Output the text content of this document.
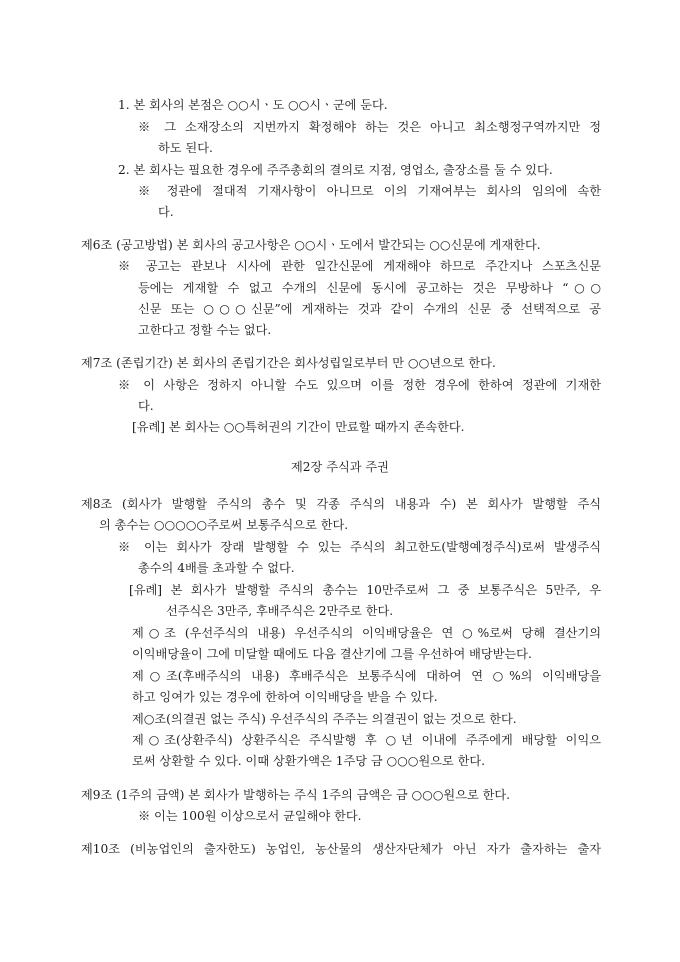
1. 본 회사의 본점은 ○○시ㆍ도 ○○시ㆍ군에 둔다.
※ 그 소재장소의 지번까지 확정해야 하는 것은 아니고 최소행정구역까지만 정
하도 된다.
2. 본 회사는 필요한 경우에 주주총회의 결의로 지점, 영업소, 출장소를 둘 수 있다.
※ 정관에 절대적 기재사항이 아니므로 이의 기재여부는 회사의 임의에 속한
다.
제6조 (공고방법) 본 회사의 공고사항은 ○○시ㆍ도에서 발간되는 ○○신문에 게재한다.
※ 공고는 관보나 시사에 관한 일간신문에 게재해야 하므로 주간지나 스포츠신문
등에는 게재할 수 없고 수개의 신문에 동시에 공고하는 것은 무방하나 “○○
신문 또는 ○○○신문”에 게재하는 것과 같이 수개의 신문 중 선택적으로 공
고한다고 정할 수는 없다.
제7조 (존립기간) 본 회사의 존립기간은 회사성립일로부터 만 ○○년으로 한다.
※ 이 사항은 정하지 아니할 수도 있으며 이를 정한 경우에 한하여 정관에 기재한
다.
[유례] 본 회사는 ○○특허권의 기간이 만료할 때까지 존속한다.
제2장 주식과 주권
제8조 (회사가 발행할 주식의 총수 및 각종 주식의 내용과 수) 본 회사가 발행할 주식
의 총수는 ○○○○○주로써 보통주식으로 한다.
※ 이는 회사가 장래 발행할 수 있는 주식의 최고한도(발행예정주식)로써 발생주식
총수의 4배를 초과할 수 없다.
[유례] 본 회사가 발행할 주식의 총수는 10만주로써 그 중 보통주식은 5만주, 우
선주식은 3만주, 후배주식은 2만주로 한다.
제○조 (우선주식의 내용) 우선주식의 이익배당율은 연 ○%로써 당해 결산기의
이익배당율이 그에 미달할 때에도 다음 결산기에 그를 우선하여 배당받는다.
제○조(후배주식의 내용) 후배주식은 보통주식에 대하여 연 ○%의 이익배당을
하고 잉여가 있는 경우에 한하여 이익배당을 받을 수 있다.
제○조(의결권 없는 주식) 우선주식의 주주는 의결권이 없는 것으로 한다.
제○조(상환주식) 상환주식은 주식발행 후 ○년 이내에 주주에게 배당할 이익으
로써 상환할 수 있다. 이때 상환가액은 1주당 금 ○○○원으로 한다.
제9조 (1주의 금액) 본 회사가 발행하는 주식 1주의 금액은 금 ○○○원으로 한다.
※ 이는 100원 이상으로서 균일해야 한다.
제10조 (비농업인의 출자한도) 농업인, 농산물의 생산자단체가 아닌 자가 출자하는 출자
